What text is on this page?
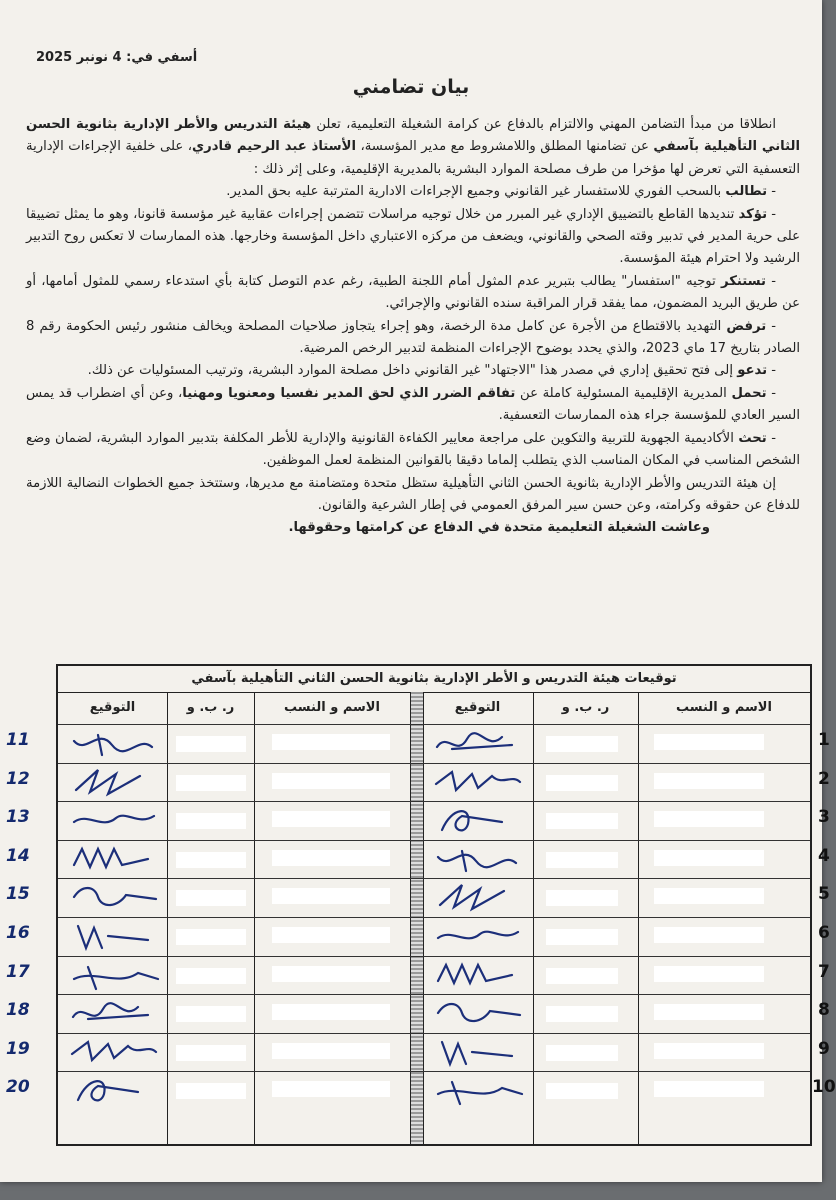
أسفي في: 4 نونبر 2025
بيان تضامني

انطلاقا من مبدأ التضامن المهني والالتزام بالدفاع عن كرامة الشغيلة التعليمية، تعلن هيئة التدريس والأطر الإدارية بثانوية الحسن الثاني التأهيلية بآسفي عن تضامنها المطلق واللامشروط مع مدير المؤسسة، الأستاذ عبد الرحيم قادري، على خلفية الإجراءات الإدارية التعسفية التي تعرض لها مؤخرا من طرف مصلحة الموارد البشرية بالمديرية الإقليمية، وعلى إثر ذلك :

- تطالب بالسحب الفوري للاستفسار غير القانوني وجميع الإجراءات الادارية المترتبة عليه بحق المدير.

- تؤكد تنديدها القاطع بالتضييق الإداري غير المبرر من خلال توجيه مراسلات تتضمن إجراءات عقابية غير مؤسسة قانونا، وهو ما يمثل تضييقا على حرية المدير في تدبير وقته الصحي والقانوني، ويضعف من مركزه الاعتباري داخل المؤسسة وخارجها. هذه الممارسات لا تعكس روح التدبير الرشيد ولا احترام هيئة المؤسسة.

- تستنكر توجيه "استفسار" يطالب بتبرير عدم المثول أمام اللجنة الطبية، رغم عدم التوصل كتابة بأي استدعاء رسمي للمثول أمامها، أو عن طريق البريد المضمون، مما يفقد قرار المراقبة سنده القانوني والإجرائي.

- ترفض التهديد بالاقتطاع من الأجرة عن كامل مدة الرخصة، وهو إجراء يتجاوز صلاحيات المصلحة ويخالف منشور رئيس الحكومة رقم 8 الصادر بتاريخ 17 ماي 2023، والذي يحدد بوضوح الإجراءات المنظمة لتدبير الرخص المرضية.

- تدعو إلى فتح تحقيق إداري في مصدر هذا "الاجتهاد" غير القانوني داخل مصلحة الموارد البشرية، وترتيب المسئوليات عن ذلك.

- تحمل المديرية الإقليمية المسئولية كاملة عن تفاقم الضرر الذي لحق المدير نفسيا ومعنويا ومهنيا، وعن أي اضطراب قد يمس السير العادي للمؤسسة جراء هذه الممارسات التعسفية.

- تحث الأكاديمية الجهوية للتربية والتكوين على مراجعة معايير الكفاءة القانونية والإدارية للأطر المكلفة بتدبير الموارد البشرية، لضمان وضع الشخص المناسب في المكان المناسب الذي يتطلب إلماما دقيقا بالقوانين المنظمة لعمل الموظفين.

إن هيئة التدريس والأطر الإدارية بثانوية الحسن الثاني التأهيلية ستظل متحدة ومتضامنة مع مديرها، وستتخذ جميع الخطوات النضالية اللازمة للدفاع عن حقوقه وكرامته، وعن حسن سير المرفق العمومي في إطار الشرعية والقانون.

وعاشت الشغيلة التعليمية متحدة في الدفاع عن كرامتها وحقوقها.

توقيعات هيئة التدريس و الأطر الإدارية بثانوية الحسن الثاني التأهيلية بآسفي
الاسم و النسب
ر. ب. و
التوقيع
الاسم و النسب
ر. ب. و
التوقيع
1
11
2
12
3
13
4
14
5
15
6
16
7
17
8
18
9
19
10
20
